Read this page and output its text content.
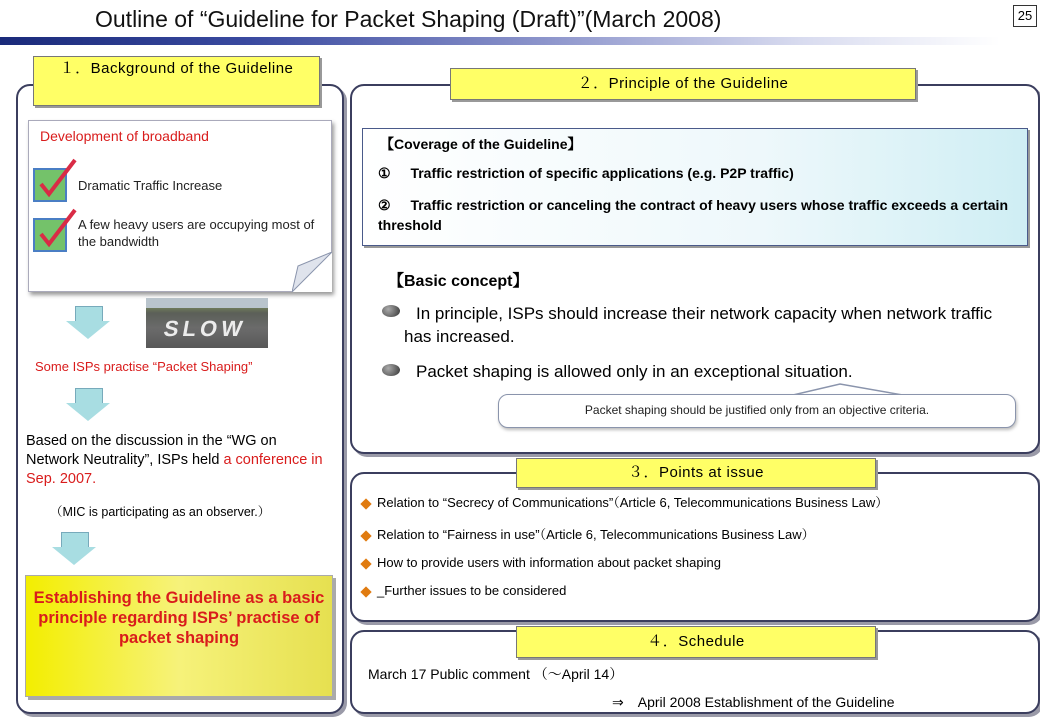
Outline of “Guideline for Packet Shaping (Draft)”(March 2008)	25
１．Background of the Guideline
Development of broadband
Dramatic Traffic Increase
A few heavy users are occupying most of the bandwidth
SLOW
Some ISPs practise “Packet Shaping”
Based on the discussion in the “WG on Network Neutrality”, ISPs held a conference in Sep. 2007.
（MIC is participating as an observer.）
Establishing the Guideline as a basic principle regarding ISPs’ practise of packet shaping
２．Principle of the Guideline
【Coverage of the Guideline】
① Traffic restriction of specific applications (e.g. P2P traffic)
② Traffic restriction or canceling the contract of heavy users whose traffic exceeds a certain threshold
【Basic concept】
In principle, ISPs should increase their network capacity when network traffic has increased.
Packet shaping is allowed only in an exceptional situation.
Packet shaping should be justified only from an objective criteria.
３．Points at issue
Relation to “Secrecy of Communications”（Article 6, Telecommunications Business Law）
Relation to “Fairness in use”（Article 6, Telecommunications Business Law）
How to provide users with information about packet shaping
_Further issues to be considered
４．Schedule
March 17 Public comment （～April 14）
⇒　April 2008 Establishment of the Guideline
